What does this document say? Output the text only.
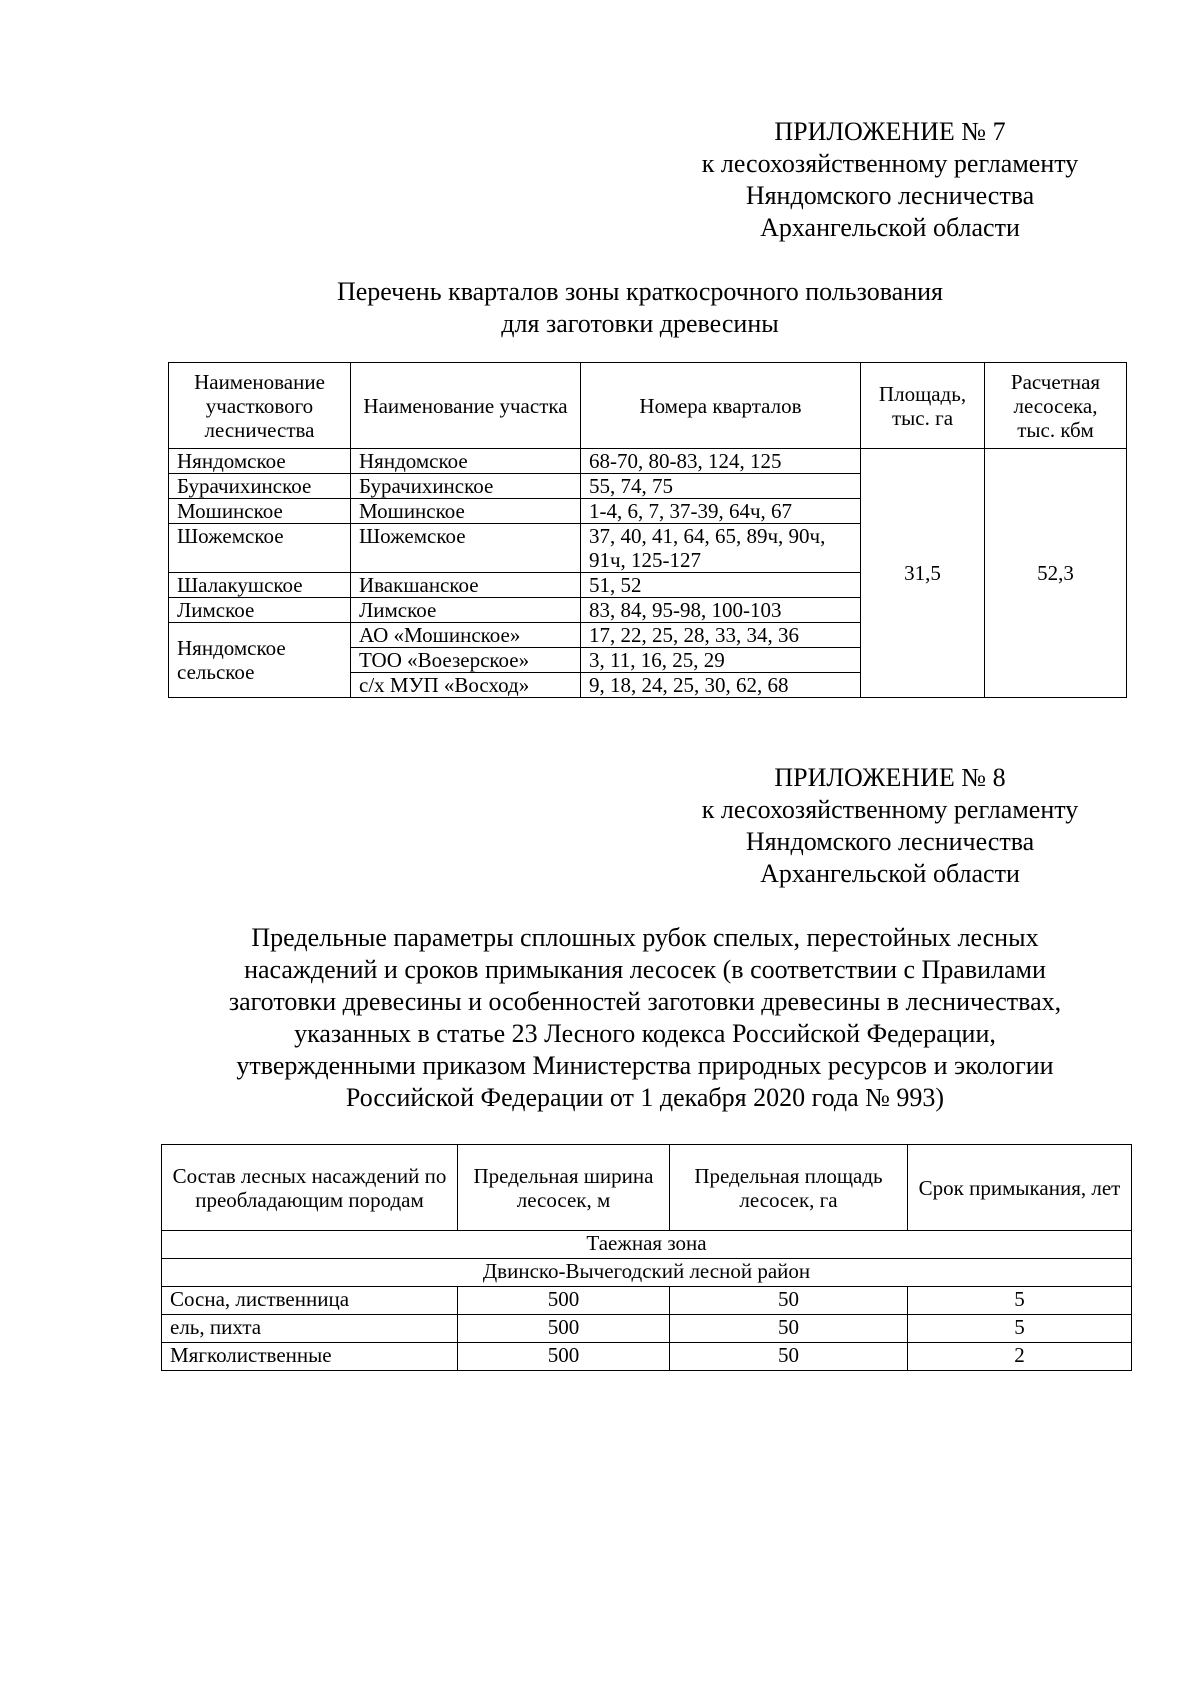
ПРИЛОЖЕНИЕ № 7
к лесохозяйственному регламенту
Няндомского лесничества
Архангельской области
Перечень кварталов зоны краткосрочного пользования
для заготовки древесины
Наименование участкового лесничества	Наименование участка	Номера кварталов	Площадь, тыс. га	Расчетная лесосека, тыс. кбм
Няндомское	Няндомское	68-70, 80-83, 124, 125	31,5	52,3
Бурачихинское	Бурачихинское	55, 74, 75		
Мошинское	Мошинское	1-4, 6, 7, 37-39, 64ч, 67		
Шожемское	Шожемское	37, 40, 41, 64, 65, 89ч, 90ч, 91ч, 125-127		
Шалакушское	Ивакшанское	51, 52		
Лимское	Лимское	83, 84, 95-98, 100-103		
Няндомское сельское	АО «Мошинское»	17, 22, 25, 28, 33, 34, 36		
	ТОО «Воезерское»	3, 11, 16, 25, 29		
	с/х МУП «Восход»	9, 18, 24, 25, 30, 62, 68		
ПРИЛОЖЕНИЕ № 8
к лесохозяйственному регламенту
Няндомского лесничества
Архангельской области
Предельные параметры сплошных рубок спелых, перестойных лесных
насаждений и сроков примыкания лесосек (в соответствии с Правилами
заготовки древесины и особенностей заготовки древесины в лесничествах,
указанных в статье 23 Лесного кодекса Российской Федерации,
утвержденными приказом Министерства природных ресурсов и экологии
Российской Федерации от 1 декабря 2020 года № 993)
Состав лесных насаждений по преобладающим породам	Предельная ширина лесосек, м	Предельная площадь лесосек, га	Срок примыкания, лет
Таежная зона			
Двинско-Вычегодский лесной район			
Сосна, лиственница	500	50	5
ель, пихта	500	50	5
Мягколиственные	500	50	2
